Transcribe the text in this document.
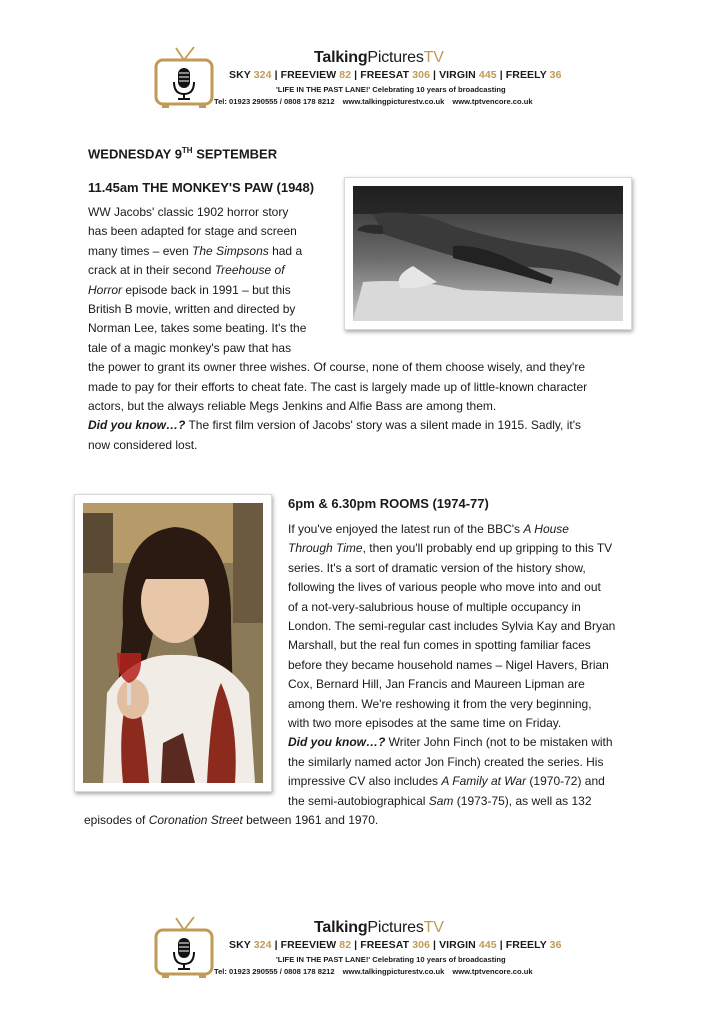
TalkingPicturesTV
SKY 324 | FREEVIEW 82 | FREESAT 306 | VIRGIN 445 | FREELY 36
'LIFE IN THE PAST LANE!' Celebrating 10 years of broadcasting
Tel: 01923 290555 / 0808 178 8212 www.talkingpicturestv.co.uk www.tptvencore.co.uk
WEDNESDAY 9TH SEPTEMBER
11.45am THE MONKEY'S PAW (1948)
WW Jacobs' classic 1902 horror story
has been adapted for stage and screen
many times – even The Simpsons had a
crack at in their second Treehouse of
Horror episode back in 1991 – but this
British B movie, written and directed by
Norman Lee, takes some beating. It's the
tale of a magic monkey's paw that has
the power to grant its owner three wishes. Of course, none of them choose wisely, and they're
made to pay for their efforts to cheat fate. The cast is largely made up of little-known character
actors, but the always reliable Megs Jenkins and Alfie Bass are among them.
Did you know…? The first film version of Jacobs' story was a silent made in 1915. Sadly, it's
now considered lost.
6pm & 6.30pm ROOMS (1974-77)
If you've enjoyed the latest run of the BBC's A House
Through Time, then you'll probably end up gripping to this TV
series. It's a sort of dramatic version of the history show,
following the lives of various people who move into and out
of a not-very-salubrious house of multiple occupancy in
London. The semi-regular cast includes Sylvia Kay and Bryan
Marshall, but the real fun comes in spotting familiar faces
before they became household names – Nigel Havers, Brian
Cox, Bernard Hill, Jan Francis and Maureen Lipman are
among them. We're reshowing it from the very beginning,
with two more episodes at the same time on Friday.
Did you know…? Writer John Finch (not to be mistaken with
the similarly named actor Jon Finch) created the series. His
impressive CV also includes A Family at War (1970-72) and
the semi-autobiographical Sam (1973-75), as well as 132
episodes of Coronation Street between 1961 and 1970.
TalkingPicturesTV
SKY 324 | FREEVIEW 82 | FREESAT 306 | VIRGIN 445 | FREELY 36
'LIFE IN THE PAST LANE!' Celebrating 10 years of broadcasting
Tel: 01923 290555 / 0808 178 8212 www.talkingpicturestv.co.uk www.tptvencore.co.uk
